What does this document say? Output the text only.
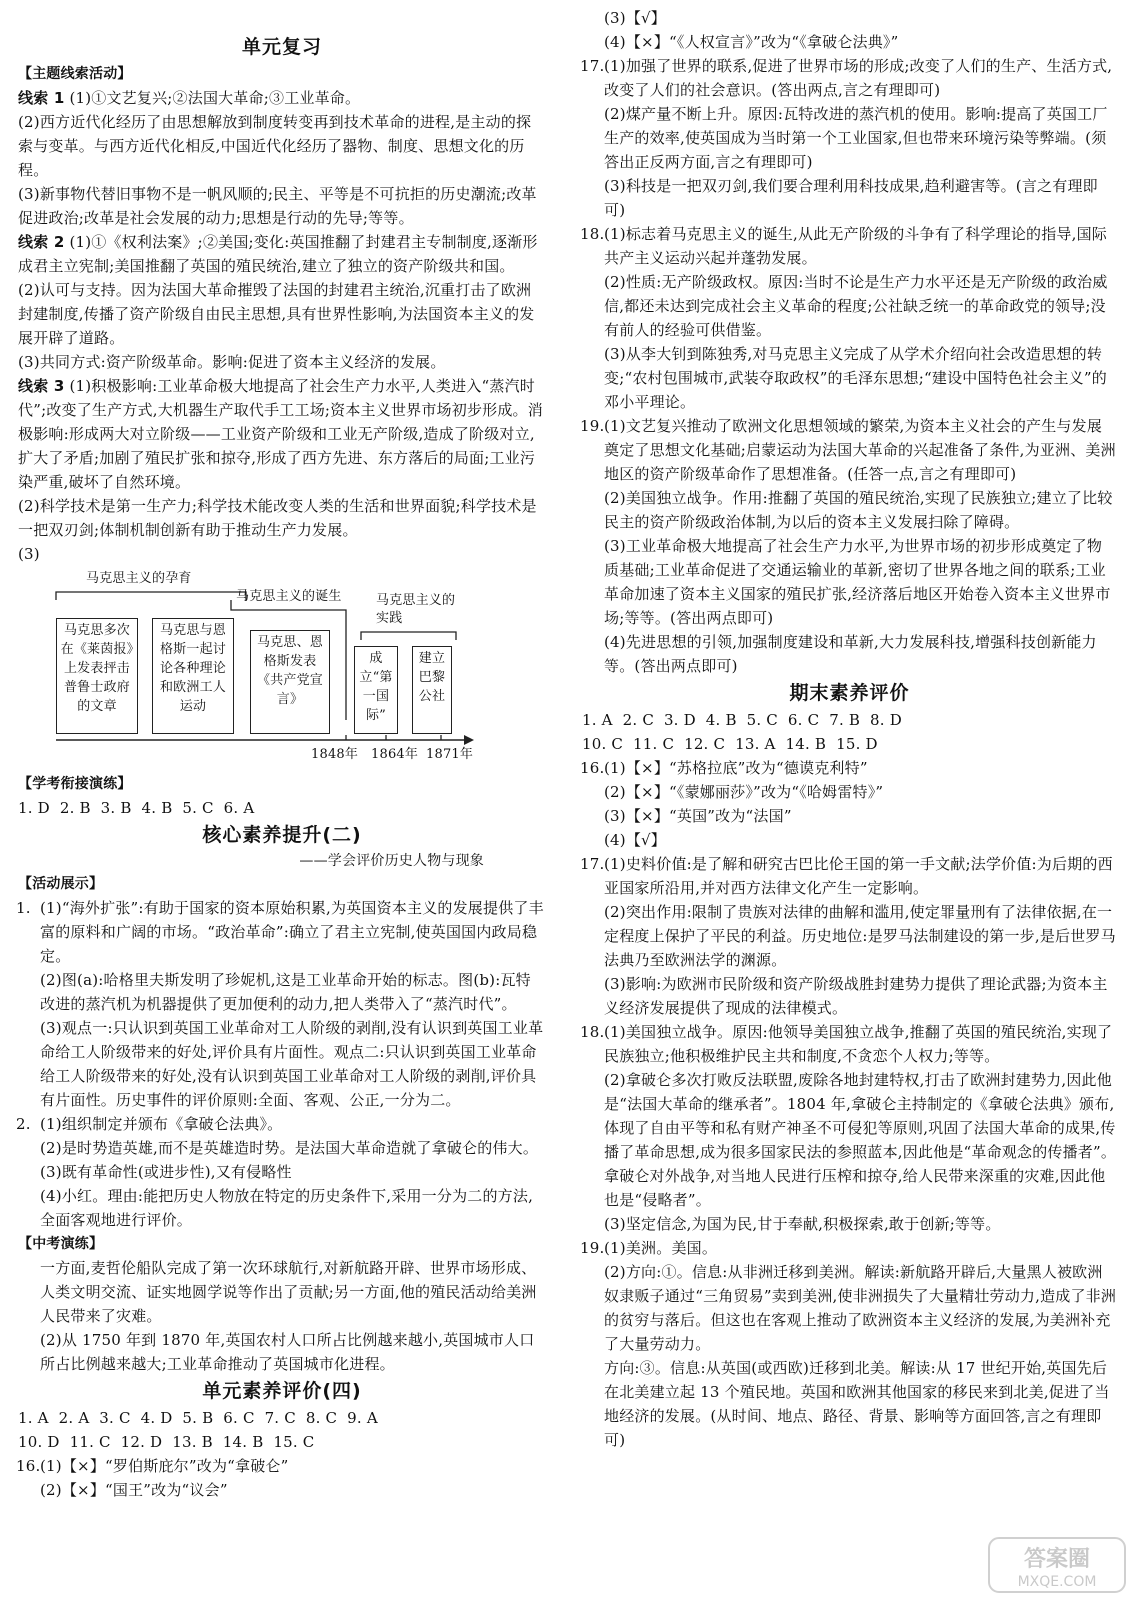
单元复习
【主题线索活动】

线索 1 (1)①文艺复兴;②法国大革命;③工业革命。

(2)西方近代化经历了由思想解放到制度转变再到技术革命的进程,是主动的探索与变革。与西方近代化相反,中国近代化经历了器物、制度、思想文化的历程。

(3)新事物代替旧事物不是一帆风顺的;民主、平等是不可抗拒的历史潮流;改革促进政治;改革是社会发展的动力;思想是行动的先导;等等。

线索 2 (1)①《权利法案》;②美国;变化:英国推翻了封建君主专制制度,逐渐形成君主立宪制;美国推翻了英国的殖民统治,建立了独立的资产阶级共和国。

(2)认可与支持。因为法国大革命摧毁了法国的封建君主统治,沉重打击了欧洲封建制度,传播了资产阶级自由民主思想,具有世界性影响,为法国资本主义的发展开辟了道路。

(3)共同方式:资产阶级革命。影响:促进了资本主义经济的发展。

线索 3 (1)积极影响:工业革命极大地提高了社会生产力水平,人类进入“蒸汽时代”;改变了生产方式,大机器生产取代手工工场;资本主义世界市场初步形成。消极影响:形成两大对立阶级——工业资产阶级和工业无产阶级,造成了阶级对立,扩大了矛盾;加剧了殖民扩张和掠夺,形成了西方先进、东方落后的局面;工业污染严重,破坏了自然环境。

(2)科学技术是第一生产力;科学技术能改变人类的生活和世界面貌;科学技术是一把双刃剑;体制机制创新有助于推动生产力发展。

(3)

马克思主义的孕育
马克思主义的诞生	马克思主义的实践
马克思多次在《莱茵报》上发表抨击普鲁士政府的文章
马克思与恩格斯一起讨论各种理论和欧洲工人运动
马克思、恩格斯发表《共产党宣言》
成立“第一国际”
建立巴黎公社
1848年 1864年 1871年
【学考衔接演练】

1. D  2. B  3. B  4. B  5. C  6. A

核心素养提升(二)
——学会评价历史人物与现象
【活动展示】
1. (1)“海外扩张”:有助于国家的资本原始积累,为英国资本主义的发展提供了丰富的原料和广阔的市场。“政治革命”:确立了君主立宪制,使英国国内政局稳定。

(2)图(a):哈格里夫斯发明了珍妮机,这是工业革命开始的标志。图(b):瓦特改进的蒸汽机为机器提供了更加便利的动力,把人类带入了“蒸汽时代”。

(3)观点一:只认识到英国工业革命对工人阶级的剥削,没有认识到英国工业革命给工人阶级带来的好处,评价具有片面性。观点二:只认识到英国工业革命给工人阶级带来的好处,没有认识到英国工业革命对工人阶级的剥削,评价具有片面性。历史事件的评价原则:全面、客观、公正,一分为二。

2. (1)组织制定并颁布《拿破仑法典》。

(2)是时势造英雄,而不是英雄造时势。是法国大革命造就了拿破仑的伟大。

(3)既有革命性(或进步性),又有侵略性

(4)小红。理由:能把历史人物放在特定的历史条件下,采用一分为二的方法,全面客观地进行评价。

【中考演练】

一方面,麦哲伦船队完成了第一次环球航行,对新航路开辟、世界市场形成、人类文明交流、证实地圆学说等作出了贡献;另一方面,他的殖民活动给美洲人民带来了灾难。

(2)从 1750 年到 1870 年,英国农村人口所占比例越来越小,英国城市人口所占比例越来越大;工业革命推动了英国城市化进程。

单元素养评价(四)

1. A  2. A  3. C  4. D  5. B  6. C  7. C  8. C  9. A

10. D  11. C  12. D  13. B  14. B  15. C

16. (1)【×】“罗伯斯庇尔”改为“拿破仑”

(2)【×】“国王”改为“议会”

(3)【√】

(4)【×】“《人权宣言》”改为“《拿破仑法典》”

17. (1)加强了世界的联系,促进了世界市场的形成;改变了人们的生产、生活方式,改变了人们的社会意识。(答出两点,言之有理即可)

(2)煤产量不断上升。原因:瓦特改进的蒸汽机的使用。影响:提高了英国工厂生产的效率,使英国成为当时第一个工业国家,但也带来环境污染等弊端。(须答出正反两方面,言之有理即可)

(3)科技是一把双刃剑,我们要合理利用科技成果,趋利避害等。(言之有理即可)

18. (1)标志着马克思主义的诞生,从此无产阶级的斗争有了科学理论的指导,国际共产主义运动兴起并蓬勃发展。

(2)性质:无产阶级政权。原因:当时不论是生产力水平还是无产阶级的政治威信,都还未达到完成社会主义革命的程度;公社缺乏统一的革命政党的领导;没有前人的经验可供借鉴。

(3)从李大钊到陈独秀,对马克思主义完成了从学术介绍向社会改造思想的转变;“农村包围城市,武装夺取政权”的毛泽东思想;“建设中国特色社会主义”的邓小平理论。

19. (1)文艺复兴推动了欧洲文化思想领域的繁荣,为资本主义社会的产生与发展奠定了思想文化基础;启蒙运动为法国大革命的兴起准备了条件,为亚洲、美洲地区的资产阶级革命作了思想准备。(任答一点,言之有理即可)

(2)美国独立战争。作用:推翻了英国的殖民统治,实现了民族独立;建立了比较民主的资产阶级政治体制,为以后的资本主义发展扫除了障碍。

(3)工业革命极大地提高了社会生产力水平,为世界市场的初步形成奠定了物质基础;工业革命促进了交通运输业的革新,密切了世界各地之间的联系;工业革命加速了资本主义国家的殖民扩张,经济落后地区开始卷入资本主义世界市场;等等。(答出两点即可)

(4)先进思想的引领,加强制度建设和革新,大力发展科技,增强科技创新能力等。(答出两点即可)

期末素养评价

1. A  2. C  3. D  4. B  5. C  6. C  7. B  8. D

10. C  11. C  12. C  13. A  14. B  15. D

16. (1)【×】“苏格拉底”改为“德谟克利特”

(2)【×】“《蒙娜丽莎》”改为“《哈姆雷特》”

(3)【×】“英国”改为“法国”

(4)【√】

17. (1)史料价值:是了解和研究古巴比伦王国的第一手文献;法学价值:为后期的西亚国家所沿用,并对西方法律文化产生一定影响。

(2)突出作用:限制了贵族对法律的曲解和滥用,使定罪量刑有了法律依据,在一定程度上保护了平民的利益。历史地位:是罗马法制建设的第一步,是后世罗马法典乃至欧洲法学的渊源。

(3)影响:为欧洲市民阶级和资产阶级战胜封建势力提供了理论武器;为资本主义经济发展提供了现成的法律模式。

18. (1)美国独立战争。原因:他领导美国独立战争,推翻了英国的殖民统治,实现了民族独立;他积极维护民主共和制度,不贪恋个人权力;等等。

(2)拿破仑多次打败反法联盟,废除各地封建特权,打击了欧洲封建势力,因此他是“法国大革命的继承者”。1804 年,拿破仑主持制定的《拿破仑法典》颁布,体现了自由平等和私有财产神圣不可侵犯等原则,巩固了法国大革命的成果,传播了革命思想,成为很多国家民法的参照蓝本,因此他是“革命观念的传播者”。拿破仑对外战争,对当地人民进行压榨和掠夺,给人民带来深重的灾难,因此他也是“侵略者”。

(3)坚定信念,为国为民,甘于奉献,积极探索,敢于创新;等等。

19. (1)美洲。美国。

(2)方向:①。信息:从非洲迁移到美洲。解读:新航路开辟后,大量黑人被欧洲奴隶贩子通过“三角贸易”卖到美洲,使非洲损失了大量精壮劳动力,造成了非洲的贫穷与落后。但这也在客观上推动了欧洲资本主义经济的发展,为美洲补充了大量劳动力。

方向:③。信息:从英国(或西欧)迁移到北美。解读:从 17 世纪开始,英国先后在北美建立起 13 个殖民地。英国和欧洲其他国家的移民来到北美,促进了当地经济的发展。(从时间、地点、路径、背景、影响等方面回答,言之有理即可)

答案圈
MXQE.COM
